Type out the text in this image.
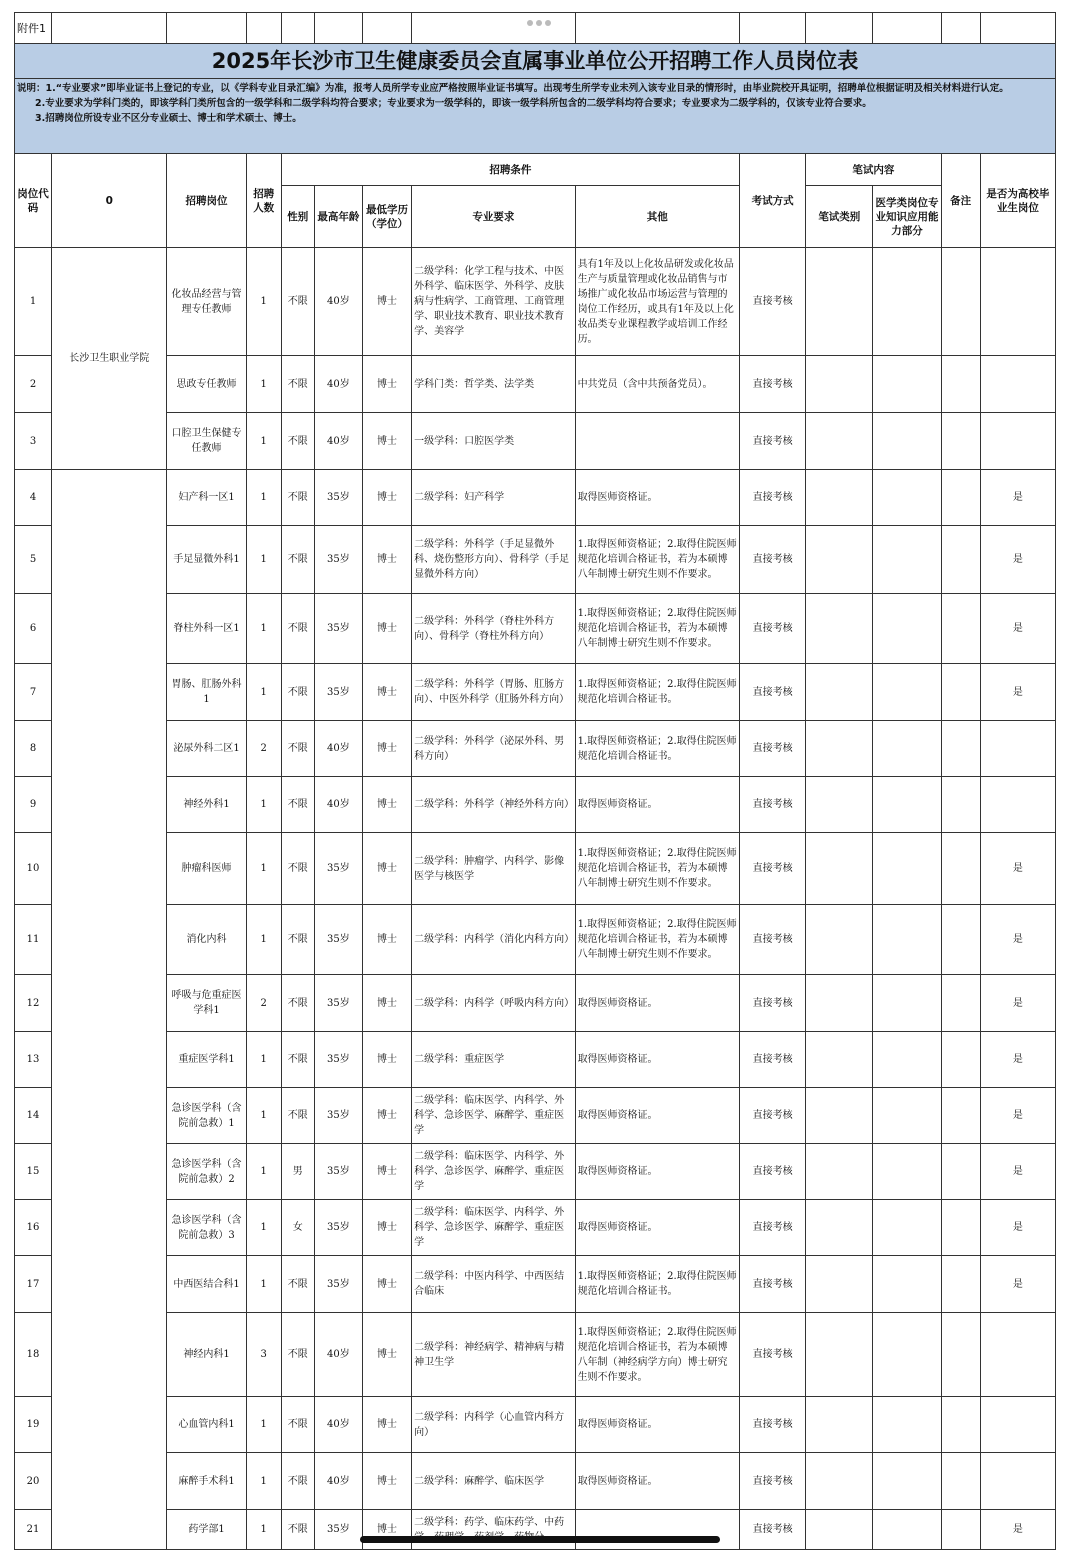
附件1													
2025年长沙市卫生健康委员会直属事业单位公开招聘工作人员岗位表													

说明：1.“专业要求”即毕业证书上登记的专业，以《学科专业目录汇编》为准，报考人员所学专业应严格按照毕业证书填写。出现考生所学专业未列入该专业目录的情形时，由毕业院校开具证明，招聘单位根据证明及相关材料进行认定。
2.专业要求为学科门类的，即该学科门类所包含的一级学科和二级学科均符合要求；专业要求为一级学科的，即该一级学科所包含的二级学科均符合要求；专业要求为二级学科的，仅该专业符合要求。
3.招聘岗位所设专业不区分专业硕士、博士和学术硕士、博士。													

岗位代码	0	招聘岗位	招聘人数	招聘条件					考试方式	笔试内容		备注	是否为高校毕业生岗位
				性别	最高年龄	最低学历（学位）	专业要求	其他		笔试类别	医学类岗位专业知识应用能力部分		
1	长沙卫生职业学院	化妆品经营与管理专任教师	1	不限	40岁	博士	二级学科：化学工程与技术、中医外科学、临床医学、外科学、皮肤病与性病学、工商管理、工商管理学、职业技术教育、职业技术教育学、美容学	具有1年及以上化妆品研发或化妆品生产与质量管理或化妆品销售与市场推广或化妆品市场运营与管理的岗位工作经历，或具有1年及以上化妆品类专业课程教学或培训工作经历。	直接考核				
2		思政专任教师	1	不限	40岁	博士	学科门类：哲学类、法学类	中共党员（含中共预备党员）。	直接考核				
3		口腔卫生保健专任教师	1	不限	40岁	博士	一级学科：口腔医学类		直接考核				
4		妇产科一区1	1	不限	35岁	博士	二级学科：妇产科学	取得医师资格证。	直接考核				是
5		手足显微外科1	1	不限	35岁	博士	二级学科：外科学（手足显微外科、烧伤整形方向）、骨科学（手足显微外科方向）	1.取得医师资格证；2.取得住院医师规范化培训合格证书，若为本硕博八年制博士研究生则不作要求。	直接考核				是
6		脊柱外科一区1	1	不限	35岁	博士	二级学科：外科学（脊柱外科方向）、骨科学（脊柱外科方向）	1.取得医师资格证；2.取得住院医师规范化培训合格证书，若为本硕博八年制博士研究生则不作要求。	直接考核				是
7		胃肠、肛肠外科1	1	不限	35岁	博士	二级学科：外科学（胃肠、肛肠方向）、中医外科学（肛肠外科方向）	1.取得医师资格证；2.取得住院医师规范化培训合格证书。	直接考核				是
8		泌尿外科二区1	2	不限	40岁	博士	二级学科：外科学（泌尿外科、男科方向）	1.取得医师资格证；2.取得住院医师规范化培训合格证书。	直接考核				
9		神经外科1	1	不限	40岁	博士	二级学科：外科学（神经外科方向）	取得医师资格证。	直接考核				
10		肿瘤科医师	1	不限	35岁	博士	二级学科：肿瘤学、内科学、影像医学与核医学	1.取得医师资格证；2.取得住院医师规范化培训合格证书，若为本硕博八年制博士研究生则不作要求。	直接考核				是
11		消化内科	1	不限	35岁	博士	二级学科：内科学（消化内科方向）	1.取得医师资格证；2.取得住院医师规范化培训合格证书，若为本硕博八年制博士研究生则不作要求。	直接考核				是
12		呼吸与危重症医学科1	2	不限	35岁	博士	二级学科：内科学（呼吸内科方向）	取得医师资格证。	直接考核				是
13		重症医学科1	1	不限	35岁	博士	二级学科：重症医学	取得医师资格证。	直接考核				是
14		急诊医学科（含院前急救）1	1	不限	35岁	博士	二级学科：临床医学、内科学、外科学、急诊医学、麻醉学、重症医学	取得医师资格证。	直接考核				是
15		急诊医学科（含院前急救）2	1	男	35岁	博士	二级学科：临床医学、内科学、外科学、急诊医学、麻醉学、重症医学	取得医师资格证。	直接考核				是
16		急诊医学科（含院前急救）3	1	女	35岁	博士	二级学科：临床医学、内科学、外科学、急诊医学、麻醉学、重症医学	取得医师资格证。	直接考核				是
17		中西医结合科1	1	不限	35岁	博士	二级学科：中医内科学、中西医结合临床	1.取得医师资格证；2.取得住院医师规范化培训合格证书。	直接考核				是
18		神经内科1	3	不限	40岁	博士	二级学科：神经病学、精神病与精神卫生学	1.取得医师资格证；2.取得住院医师规范化培训合格证书，若为本硕博八年制（神经病学方向）博士研究生则不作要求。	直接考核				
19		心血管内科1	1	不限	40岁	博士	二级学科：内科学（心血管内科方向）	取得医师资格证。	直接考核				
20		麻醉手术科1	1	不限	40岁	博士	二级学科：麻醉学、临床医学	取得医师资格证。	直接考核				
21		药学部1	1	不限	35岁	博士	二级学科：药学、临床药学、中药		直接考核				是
